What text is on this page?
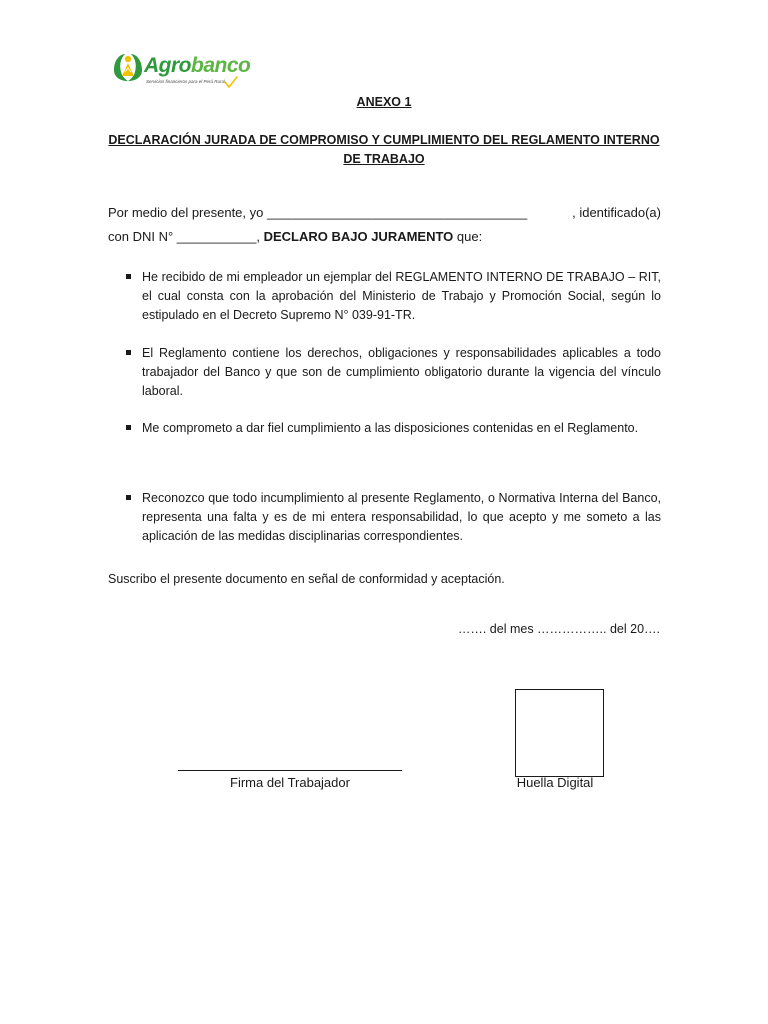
Agrobanco
Servicios financieros para el Perú Rural
ANEXO 1
DECLARACIÓN JURADA DE COMPROMISO Y CUMPLIMIENTO DEL REGLAMENTO INTERNO DE TRABAJO
Por medio del presente, yo ____________________________________	, identificado(a)
con DNI N° ___________, DECLARO BAJO JURAMENTO que:
He recibido de mi empleador un ejemplar del REGLAMENTO INTERNO DE TRABAJO – RIT, el cual consta con la aprobación del Ministerio de Trabajo y Promoción Social, según lo estipulado en el Decreto Supremo N° 039-91-TR.
El Reglamento contiene los derechos, obligaciones y responsabilidades aplicables a todo trabajador del Banco y que son de cumplimiento obligatorio durante la vigencia del vínculo laboral.
Me comprometo a dar fiel cumplimiento a las disposiciones contenidas en el Reglamento.
Reconozco que todo incumplimiento al presente Reglamento, o Normativa Interna del Banco, representa una falta y es de mi entera responsabilidad, lo que acepto y me someto a las aplicación de las medidas disciplinarias correspondientes.
Suscribo el presente documento en señal de conformidad y aceptación.
……. del mes …………….. del 20….
Firma del Trabajador	Huella Digital
